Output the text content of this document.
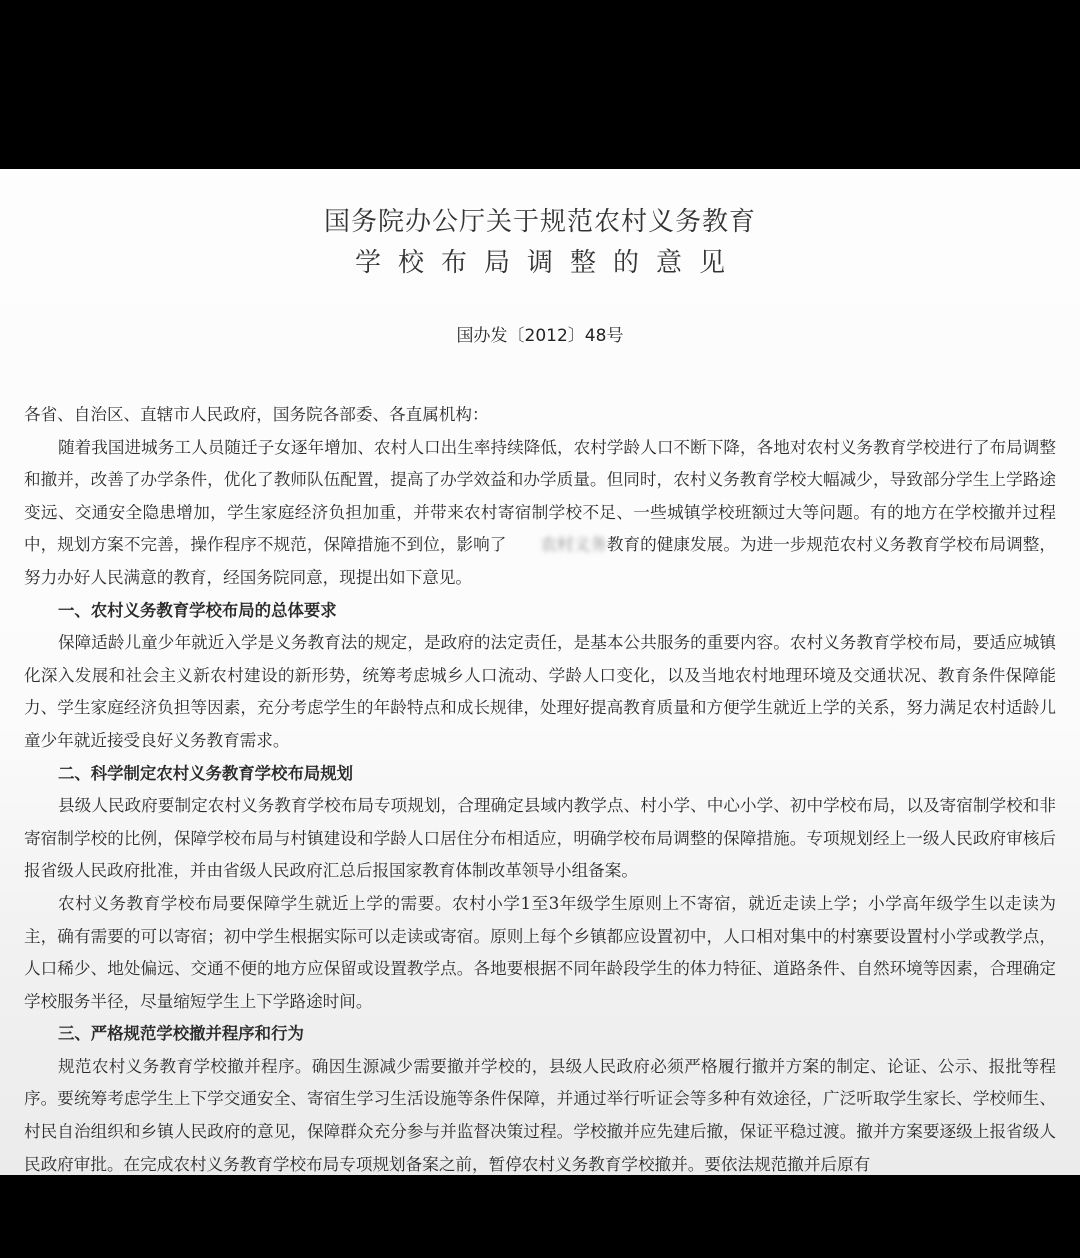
国务院办公厅关于规范农村义务教育
学校布局调整的意见
国办发〔2012〕48号

各省、自治区、直辖市人民政府，国务院各部委、各直属机构：

随着我国进城务工人员随迁子女逐年增加、农村人口出生率持续降低，农村学龄人口不断下降，各地对农村义务教育学校进行了布局调整和撤并，改善了办学条件，优化了教师队伍配置，提高了办学效益和办学质量。但同时，农村义务教育学校大幅减少，导致部分学生上学路途变远、交通安全隐患增加，学生家庭经济负担加重，并带来农村寄宿制学校不足、一些城镇学校班额过大等问题。有的地方在学校撤并过程中，规划方案不完善，操作程序不规范，保障措施不到位，影响了 农村义务教育的健康发展。为进一步规范农村义务教育学校布局调整，努力办好人民满意的教育，经国务院同意，现提出如下意见。

一、农村义务教育学校布局的总体要求

保障适龄儿童少年就近入学是义务教育法的规定，是政府的法定责任，是基本公共服务的重要内容。农村义务教育学校布局，要适应城镇化深入发展和社会主义新农村建设的新形势，统筹考虑城乡人口流动、学龄人口变化，以及当地农村地理环境及交通状况、教育条件保障能力、学生家庭经济负担等因素，充分考虑学生的年龄特点和成长规律，处理好提高教育质量和方便学生就近上学的关系，努力满足农村适龄儿童少年就近接受良好义务教育需求。

二、科学制定农村义务教育学校布局规划

县级人民政府要制定农村义务教育学校布局专项规划，合理确定县域内教学点、村小学、中心小学、初中学校布局，以及寄宿制学校和非寄宿制学校的比例，保障学校布局与村镇建设和学龄人口居住分布相适应，明确学校布局调整的保障措施。专项规划经上一级人民政府审核后报省级人民政府批准，并由省级人民政府汇总后报国家教育体制改革领导小组备案。

农村义务教育学校布局要保障学生就近上学的需要。农村小学1至3年级学生原则上不寄宿，就近走读上学；小学高年级学生以走读为主，确有需要的可以寄宿；初中学生根据实际可以走读或寄宿。原则上每个乡镇都应设置初中，人口相对集中的村寨要设置村小学或教学点，人口稀少、地处偏远、交通不便的地方应保留或设置教学点。各地要根据不同年龄段学生的体力特征、道路条件、自然环境等因素，合理确定学校服务半径，尽量缩短学生上下学路途时间。

三、严格规范学校撤并程序和行为

规范农村义务教育学校撤并程序。确因生源减少需要撤并学校的，县级人民政府必须严格履行撤并方案的制定、论证、公示、报批等程序。要统筹考虑学生上下学交通安全、寄宿生学习生活设施等条件保障，并通过举行听证会等多种有效途径，广泛听取学生家长、学校师生、村民自治组织和乡镇人民政府的意见，保障群众充分参与并监督决策过程。学校撤并应先建后撤，保证平稳过渡。撤并方案要逐级上报省级人民政府审批。在完成农村义务教育学校布局专项规划备案之前，暂停农村义务教育学校撤并。要依法规范撤并后原有
